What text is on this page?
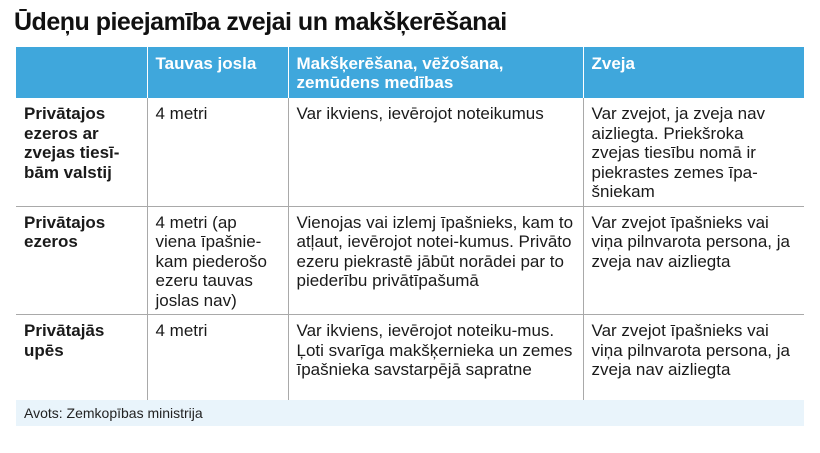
Ūdeņu pieejamība zvejai un makšķerēšanai
	Tauvas josla	Makšķerēšana, vēžošana, zemūdens medības	Zveja
Privātajos ezeros ar zvejas tiesī-bām valstij	4 metri	Var ikviens, ievērojot noteikumus	Var zvejot, ja zveja nav aizliegta. Priekšroka zvejas tiesību nomā ir piekrastes zemes īpa-šniekam
Privātajos ezeros	4 metri (ap viena īpašnie-kam piederošo ezeru tauvas joslas nav)	Vienojas vai izlemj īpašnieks, kam to atļaut, ievērojot notei-kumus. Privāto ezeru piekrastē jābūt norādei par to piederību privātīpašumā	Var zvejot īpašnieks vai viņa pilnvarota persona, ja zveja nav aizliegta
Privātajās upēs	4 metri	Var ikviens, ievērojot noteiku-mus. Ļoti svarīga makšķernieka un zemes īpašnieka savstarpējā sapratne	Var zvejot īpašnieks vai viņa pilnvarota persona, ja zveja nav aizliegta
Avots: Zemkopības ministrija
